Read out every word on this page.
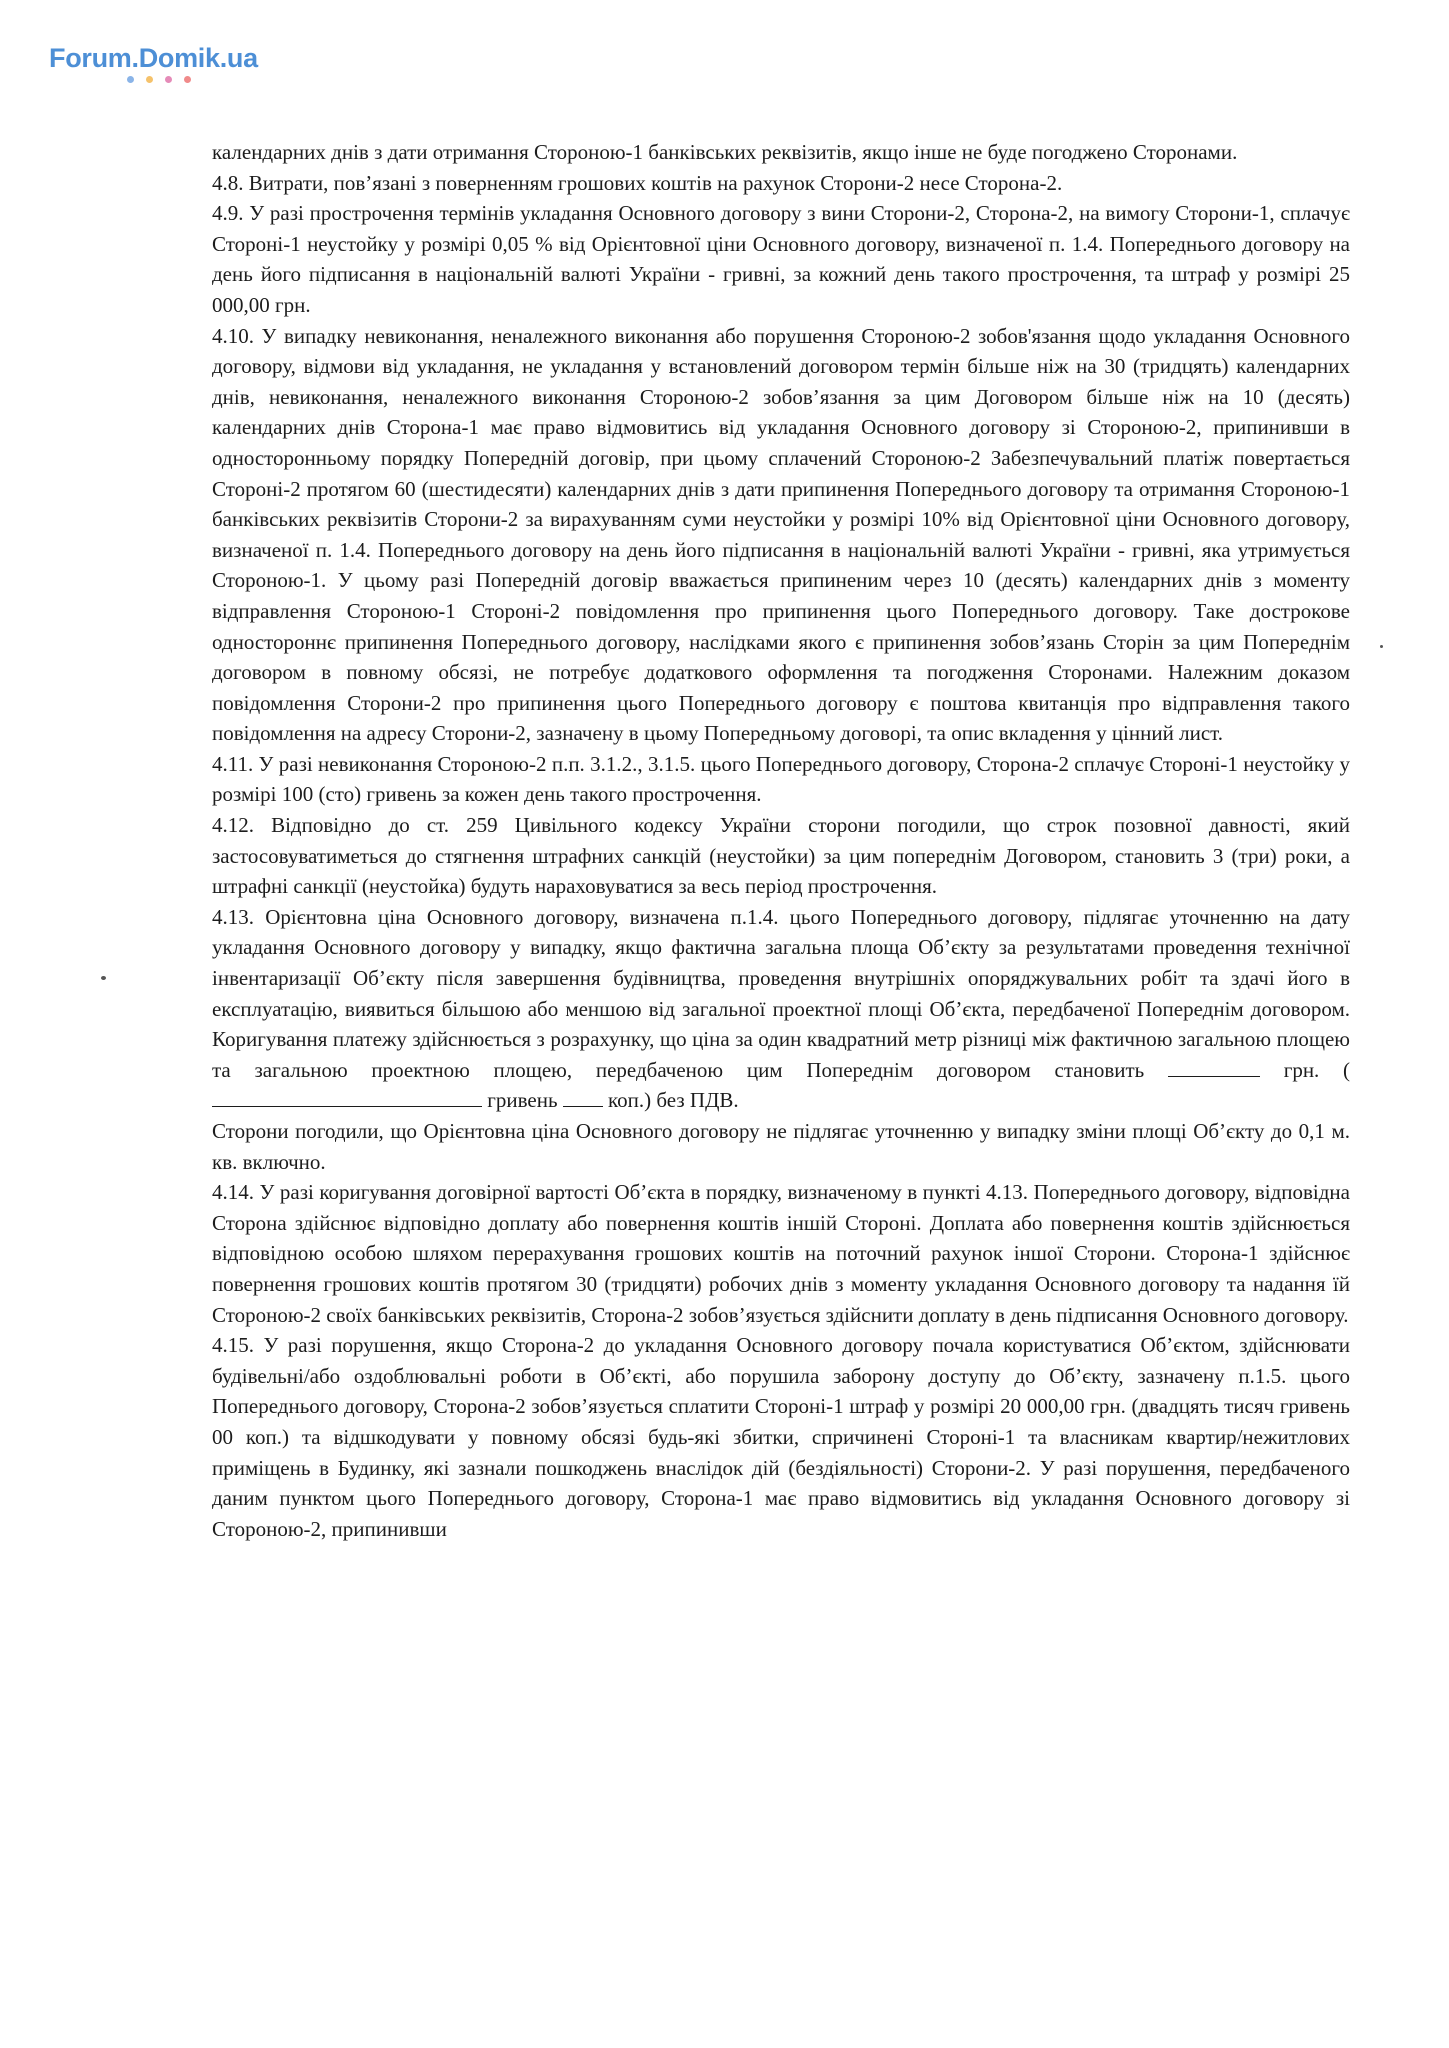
Forum.Domik.ua

календарних днів з дати отримання Стороною-1 банківських реквізитів, якщо інше не буде погоджено Сторонами.

4.8. Витрати, пов’язані з поверненням грошових коштів на рахунок Сторони-2 несе Сторона-2.

4.9. У разі прострочення термінів укладання Основного договору з вини Сторони-2, Сторона-2, на вимогу Сторони-1, сплачує Стороні-1 неустойку у розмірі 0,05 % від Орієнтовної ціни Основного договору, визначеної п. 1.4. Попереднього договору на день його підписання в національній валюті України - гривні, за кожний день такого прострочення, та штраф у розмірі 25 000,00 грн.

4.10. У випадку невиконання, неналежного виконання або порушення Стороною-2 зобов'язання щодо укладання Основного договору, відмови від укладання, не укладання у встановлений договором термін більше ніж на 30 (тридцять) календарних днів, невиконання, неналежного виконання Стороною-2 зобов’язання за цим Договором більше ніж на 10 (десять) календарних днів Сторона-1 має право відмовитись від укладання Основного договору зі Стороною-2, припинивши в односторонньому порядку Попередній договір, при цьому сплачений Стороною-2 Забезпечувальний платіж повертається Стороні-2 протягом 60 (шестидесяти) календарних днів з дати припинення Попереднього договору та отримання Стороною-1 банківських реквізитів Сторони-2 за вирахуванням суми неустойки у розмірі 10% від Орієнтовної ціни Основного договору, визначеної п. 1.4. Попереднього договору на день його підписання в національній валюті України - гривні, яка утримується Стороною-1. У цьому разі Попередній договір вважається припиненим через 10 (десять) календарних днів з моменту відправлення Стороною-1 Стороні-2 повідомлення про припинення цього Попереднього договору. Таке дострокове одностороннє припинення Попереднього договору, наслідками якого є припинення зобов’язань Сторін за цим Попереднім договором в повному обсязі, не потребує додаткового оформлення та погодження Сторонами. Належним доказом повідомлення Сторони-2 про припинення цього Попереднього договору є поштова квитанція про відправлення такого повідомлення на адресу Сторони-2, зазначену в цьому Попередньому договорі, та опис вкладення у цінний лист.

4.11. У разі невиконання Стороною-2 п.п. 3.1.2., 3.1.5. цього Попереднього договору, Сторона-2 сплачує Стороні-1 неустойку у розмірі 100 (сто) гривень за кожен день такого прострочення.

4.12. Відповідно до ст. 259 Цивільного кодексу України сторони погодили, що строк позовної давності, який застосовуватиметься до стягнення штрафних санкцій (неустойки) за цим попереднім Договором, становить 3 (три) роки, а штрафні санкції (неустойка) будуть нараховуватися за весь період прострочення.

4.13. Орієнтовна ціна Основного договору, визначена п.1.4. цього Попереднього договору, підлягає уточненню на дату укладання Основного договору у випадку, якщо фактична загальна площа Об’єкту за результатами проведення технічної інвентаризації Об’єкту після завершення будівництва, проведення внутрішніх опоряджувальних робіт та здачі його в експлуатацію, виявиться більшою або меншою від загальної проектної площі Об’єкта, передбаченої Попереднім договором. Коригування платежу здійснюється з розрахунку, що ціна за один квадратний метр різниці між фактичною загальною площею та загальною проектною площею, передбаченою цим Попереднім договором становить	грн. ( гривень коп.) без ПДВ.

Сторони погодили, що Орієнтовна ціна Основного договору не підлягає уточненню у випадку зміни площі Об’єкту до 0,1 м. кв. включно.

4.14. У разі коригування договірної вартості Об’єкта в порядку, визначеному в пункті 4.13. Попереднього договору, відповідна Сторона здійснює відповідно доплату або повернення коштів іншій Стороні. Доплата або повернення коштів здійснюється відповідною особою шляхом перерахування грошових коштів на поточний рахунок іншої Сторони. Сторона-1 здійснює повернення грошових коштів протягом 30 (тридцяти) робочих днів з моменту укладання Основного договору та надання їй Стороною-2 своїх банківських реквізитів, Сторона-2 зобов’язується здійснити доплату в день підписання Основного договору.

4.15. У разі порушення, якщо Сторона-2 до укладання Основного договору почала користуватися Об’єктом, здійснювати будівельні/або оздоблювальні роботи в Об’єкті, або порушила заборону доступу до Об’єкту, зазначену п.1.5. цього Попереднього договору, Сторона-2 зобов’язується сплатити Стороні-1 штраф у розмірі 20 000,00 грн. (двадцять тисяч гривень 00 коп.) та відшкодувати у повному обсязі будь-які збитки, спричинені Стороні-1 та власникам квартир/нежитлових приміщень в Будинку, які зазнали пошкоджень внаслідок дій (бездіяльності) Сторони-2. У разі порушення, передбаченого даним пунктом цього Попереднього договору, Сторона-1 має право відмовитись від укладання Основного договору зі Стороною-2, припинивши
